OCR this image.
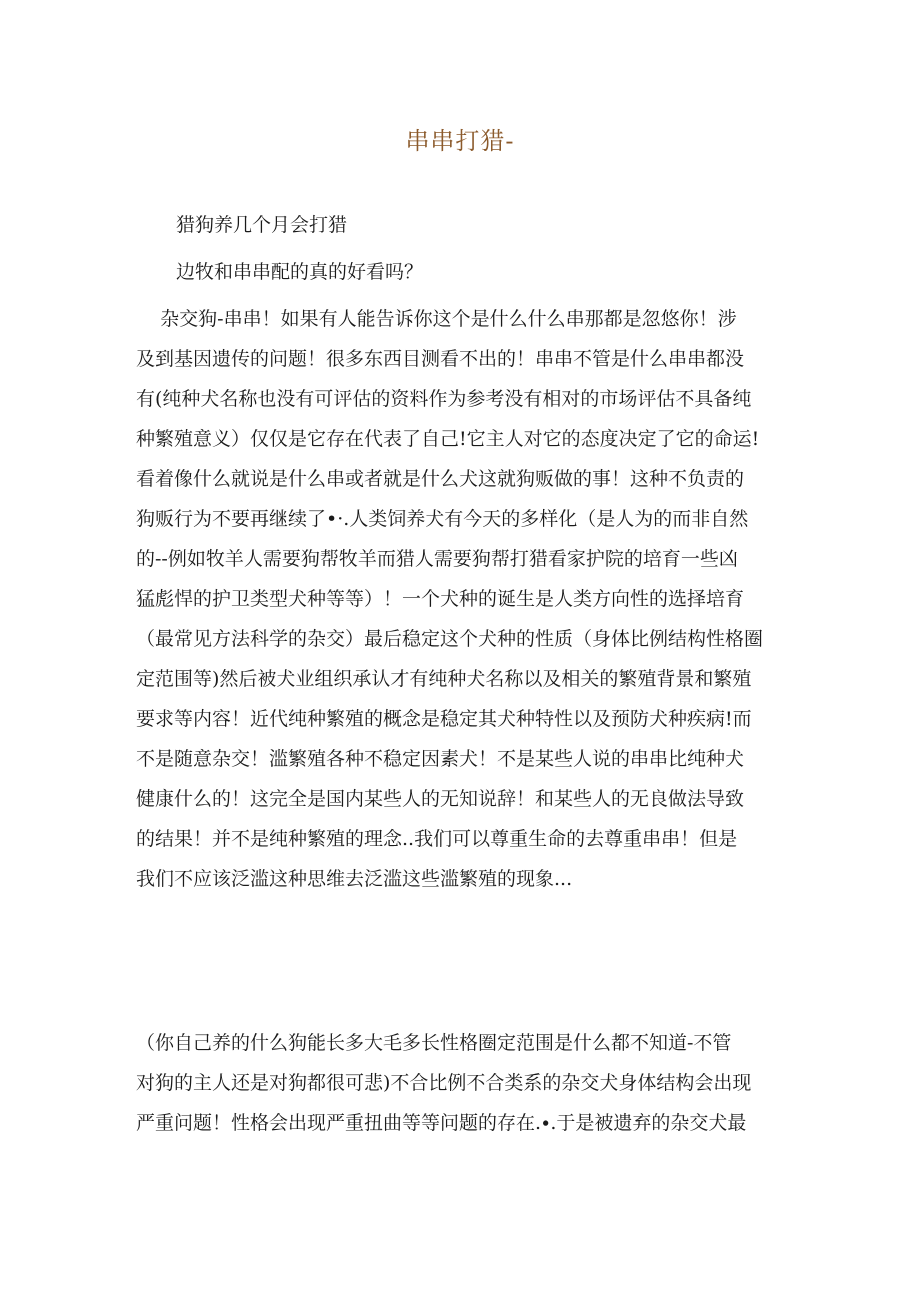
串串打猎-

猎狗养几个月会打猎

边牧和串串配的真的好看吗？

杂交狗-串串！如果有人能告诉你这个是什么什么串那都是忽悠你！涉
及到基因遗传的问题！很多东西目测看不出的！串串不管是什么串串都没
有(纯种犬名称也没有可评估的资料作为参考没有相对的市场评估不具备纯
种繁殖意义）仅仅是它存在代表了自己!它主人对它的态度决定了它的命运!
看着像什么就说是什么串或者就是什么犬这就狗贩做的事！这种不负责的
狗贩行为不要再继续了•·.人类饲养犬有今天的多样化（是人为的而非自然
的--例如牧羊人需要狗帮牧羊而猎人需要狗帮打猎看家护院的培育一些凶
猛彪悍的护卫类型犬种等等）！一个犬种的诞生是人类方向性的选择培育
（最常见方法科学的杂交）最后稳定这个犬种的性质（身体比例结构性格圈
定范围等)然后被犬业组织承认才有纯种犬名称以及相关的繁殖背景和繁殖
要求等内容！近代纯种繁殖的概念是稳定其犬种特性以及预防犬种疾病!而
不是随意杂交！滥繁殖各种不稳定因素犬！不是某些人说的串串比纯种犬
健康什么的！这完全是国内某些人的无知说辞！和某些人的无良做法导致
的结果！并不是纯种繁殖的理念..我们可以尊重生命的去尊重串串！但是
我们不应该泛滥这种思维去泛滥这些滥繁殖的现象...
（你自己养的什么狗能长多大毛多长性格圈定范围是什么都不知道-不管
对狗的主人还是对狗都很可悲)不合比例不合类系的杂交犬身体结构会出现
严重问题！性格会出现严重扭曲等等问题的存在.∙.于是被遗弃的杂交犬最
